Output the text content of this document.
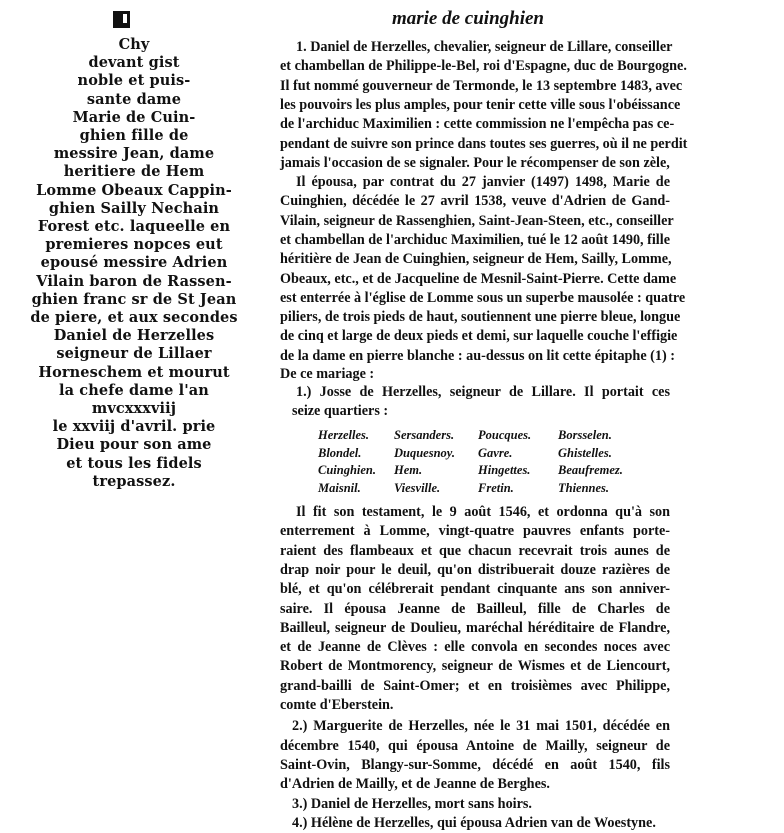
Chy
devant gist
noble et puis-
sante dame
Marie de Cuin-
ghien fille de
messire Jean, dame
heritiere de Hem
Lomme Obeaux Cappin-
ghien Sailly Nechain
Forest etc. laqueelle en
premieres nopces eut
epousé messire Adrien
Vilain baron de Rassen-
ghien franc sr de St Jean
de piere, et aux secondes
Daniel de Herzelles
seigneur de Lillaer
Horneschem et mourut
la chefe dame l'an
mvcxxxviij
le xxviij d'avril. prie
Dieu pour son ame
et tous les fidels
trepassez.
marie de cuinghien
1. Daniel de Herzelles, chevalier, seigneur de Lillare, conseiller
et chambellan de Philippe-le-Bel, roi d'Espagne, duc de Bourgogne.
Il fut nommé gouverneur de Termonde, le 13 septembre 1483, avec
les pouvoirs les plus amples, pour tenir cette ville sous l'obéissance
de l'archiduc Maximilien : cette commission ne l'empêcha pas ce-
pendant de suivre son prince dans toutes ses guerres, où il ne perdit
jamais l'occasion de se signaler. Pour le récompenser de son zèle,
Il épousa, par contrat du 27 janvier (1497) 1498, Marie de
Cuinghien, décédée le 27 avril 1538, veuve d'Adrien de Gand-
Vilain, seigneur de Rassenghien, Saint-Jean-Steen, etc., conseiller
et chambellan de l'archiduc Maximilien, tué le 12 août 1490, fille
héritière de Jean de Cuinghien, seigneur de Hem, Sailly, Lomme,
Obeaux, etc., et de Jacqueline de Mesnil-Saint-Pierre. Cette dame
est enterrée à l'église de Lomme sous un superbe mausolée : quatre
piliers, de trois pieds de haut, soutiennent une pierre bleue, longue
de cinq et large de deux pieds et demi, sur laquelle couche l'effigie
de la dame en pierre blanche : au-dessus on lit cette épitaphe (1) :
De ce mariage :
1.) Josse de Herzelles, seigneur de Lillare. Il portait ces
seize quartiers :
Herzelles. Sersanders. Poucques. Borsselen.
Blondel.	Duquesnoy. Gavre.	Ghistelles.
Cuinghien. Hem.	Hingettes. Beaufremez.
Maisnil.	Viesville.	Fretin.	Thiennes.
Il fit son testament, le 9 août 1546, et ordonna qu'à son
enterrement à Lomme, vingt-quatre pauvres enfants porte-
raient des flambeaux et que chacun recevrait trois aunes de
drap noir pour le deuil, qu'on distribuerait douze razières de
blé, et qu'on célébrerait pendant cinquante ans son anniver-
saire. Il épousa Jeanne de Bailleul, fille de Charles de
Bailleul, seigneur de Doulieu, maréchal héréditaire de Flandre,
et de Jeanne de Clèves : elle convola en secondes noces avec
Robert de Montmorency, seigneur de Wismes et de Liencourt,
grand-bailli de Saint-Omer; et en troisièmes avec Philippe,
comte d'Eberstein.
2.) Marguerite de Herzelles, née le 31 mai 1501, décédée en
décembre 1540, qui épousa Antoine de Mailly, seigneur de
Saint-Ovin, Blangy-sur-Somme, décédé en août 1540, fils
d'Adrien de Mailly, et de Jeanne de Berghes.
3.) Daniel de Herzelles, mort sans hoirs.
4.) Hélène de Herzelles, qui épousa Adrien van de Woestyne.
